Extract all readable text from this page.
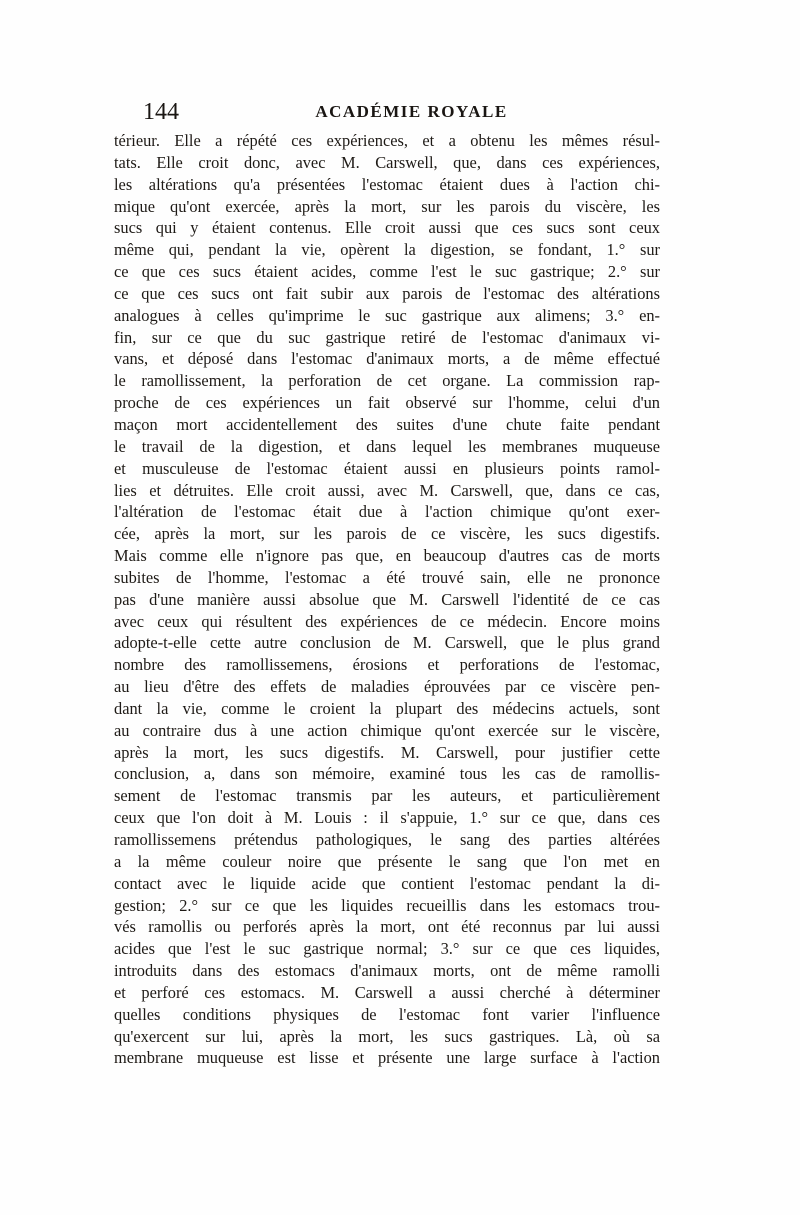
144	ACADÉMIE ROYALE
térieur. Elle a répété ces expériences, et a obtenu les mêmes résul-
tats. Elle croit donc, avec M. Carswell, que, dans ces expériences,
les altérations qu'a présentées l'estomac étaient dues à l'action chi-
mique qu'ont exercée, après la mort, sur les parois du viscère, les
sucs qui y étaient contenus. Elle croit aussi que ces sucs sont ceux
même qui, pendant la vie, opèrent la digestion, se fondant, 1.° sur
ce que ces sucs étaient acides, comme l'est le suc gastrique; 2.° sur
ce que ces sucs ont fait subir aux parois de l'estomac des altérations
analogues à celles qu'imprime le suc gastrique aux alimens; 3.° en-
fin, sur ce que du suc gastrique retiré de l'estomac d'animaux vi-
vans, et déposé dans l'estomac d'animaux morts, a de même effectué
le ramollissement, la perforation de cet organe. La commission rap-
proche de ces expériences un fait observé sur l'homme, celui d'un
maçon mort accidentellement des suites d'une chute faite pendant
le travail de la digestion, et dans lequel les membranes muqueuse
et musculeuse de l'estomac étaient aussi en plusieurs points ramol-
lies et détruites. Elle croit aussi, avec M. Carswell, que, dans ce cas,
l'altération de l'estomac était due à l'action chimique qu'ont exer-
cée, après la mort, sur les parois de ce viscère, les sucs digestifs.
Mais comme elle n'ignore pas que, en beaucoup d'autres cas de morts
subites de l'homme, l'estomac a été trouvé sain, elle ne prononce
pas d'une manière aussi absolue que M. Carswell l'identité de ce cas
avec ceux qui résultent des expériences de ce médecin. Encore moins
adopte-t-elle cette autre conclusion de M. Carswell, que le plus grand
nombre des ramollissemens, érosions et perforations de l'estomac,
au lieu d'être des effets de maladies éprouvées par ce viscère pen-
dant la vie, comme le croient la plupart des médecins actuels, sont
au contraire dus à une action chimique qu'ont exercée sur le viscère,
après la mort, les sucs digestifs. M. Carswell, pour justifier cette
conclusion, a, dans son mémoire, examiné tous les cas de ramollis-
sement de l'estomac transmis par les auteurs, et particulièrement
ceux que l'on doit à M. Louis : il s'appuie, 1.° sur ce que, dans ces
ramollissemens prétendus pathologiques, le sang des parties altérées
a la même couleur noire que présente le sang que l'on met en
contact avec le liquide acide que contient l'estomac pendant la di-
gestion; 2.° sur ce que les liquides recueillis dans les estomacs trou-
vés ramollis ou perforés après la mort, ont été reconnus par lui aussi
acides que l'est le suc gastrique normal; 3.° sur ce que ces liquides,
introduits dans des estomacs d'animaux morts, ont de même ramolli
et perforé ces estomacs. M. Carswell a aussi cherché à déterminer
quelles conditions physiques de l'estomac font varier l'influence
qu'exercent sur lui, après la mort, les sucs gastriques. Là, où sa
membrane muqueuse est lisse et présente une large surface à l'action
